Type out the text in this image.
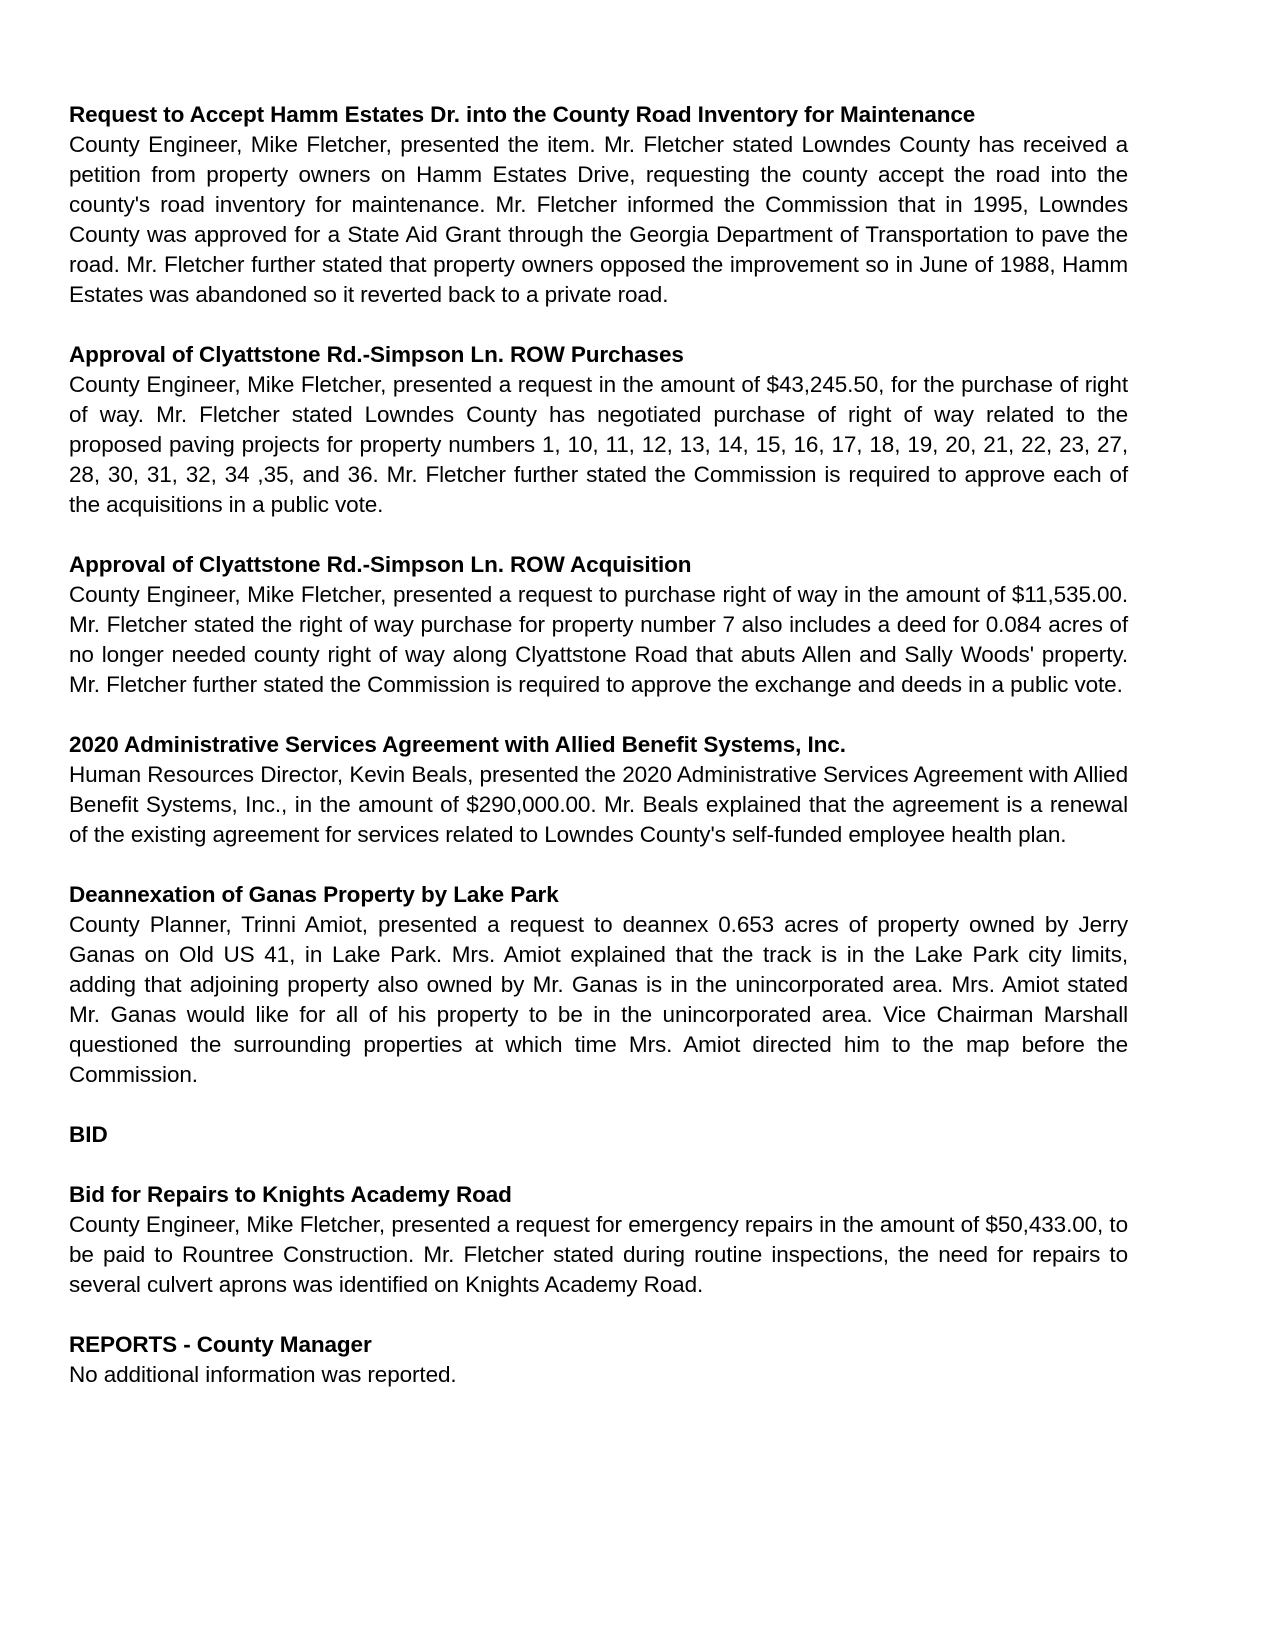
Request to Accept Hamm Estates Dr. into the County Road Inventory for Maintenance

County Engineer, Mike Fletcher, presented the item. Mr. Fletcher stated Lowndes County has received a petition from property owners on Hamm Estates Drive, requesting the county accept the road into the county's road inventory for maintenance. Mr. Fletcher informed the Commission that in 1995, Lowndes County was approved for a State Aid Grant through the Georgia Department of Transportation to pave the road. Mr. Fletcher further stated that property owners opposed the improvement so in June of 1988, Hamm Estates was abandoned so it reverted back to a private road.

Approval of Clyattstone Rd.-Simpson Ln. ROW Purchases

County Engineer, Mike Fletcher, presented a request in the amount of $43,245.50, for the purchase of right of way. Mr. Fletcher stated Lowndes County has negotiated purchase of right of way related to the proposed paving projects for property numbers 1, 10, 11, 12, 13, 14, 15, 16, 17, 18, 19, 20, 21, 22, 23, 27, 28, 30, 31, 32, 34 ,35, and 36. Mr. Fletcher further stated the Commission is required to approve each of the acquisitions in a public vote.

Approval of Clyattstone Rd.-Simpson Ln. ROW Acquisition

County Engineer, Mike Fletcher, presented a request to purchase right of way in the amount of $11,535.00. Mr. Fletcher stated the right of way purchase for property number 7 also includes a deed for 0.084 acres of no longer needed county right of way along Clyattstone Road that abuts Allen and Sally Woods' property. Mr. Fletcher further stated the Commission is required to approve the exchange and deeds in a public vote.

2020 Administrative Services Agreement with Allied Benefit Systems, Inc.

Human Resources Director, Kevin Beals, presented the 2020 Administrative Services Agreement with Allied Benefit Systems, Inc., in the amount of $290,000.00. Mr. Beals explained that the agreement is a renewal of the existing agreement for services related to Lowndes County's self-funded employee health plan.

Deannexation of Ganas Property by Lake Park

County Planner, Trinni Amiot, presented a request to deannex 0.653 acres of property owned by Jerry Ganas on Old US 41, in Lake Park. Mrs. Amiot explained that the track is in the Lake Park city limits, adding that adjoining property also owned by Mr. Ganas is in the unincorporated area. Mrs. Amiot stated Mr. Ganas would like for all of his property to be in the unincorporated area. Vice Chairman Marshall questioned the surrounding properties at which time Mrs. Amiot directed him to the map before the Commission.

BID
Bid for Repairs to Knights Academy Road

County Engineer, Mike Fletcher, presented a request for emergency repairs in the amount of $50,433.00, to be paid to Rountree Construction. Mr. Fletcher stated during routine inspections, the need for repairs to several culvert aprons was identified on Knights Academy Road.

REPORTS - County Manager

No additional information was reported.
